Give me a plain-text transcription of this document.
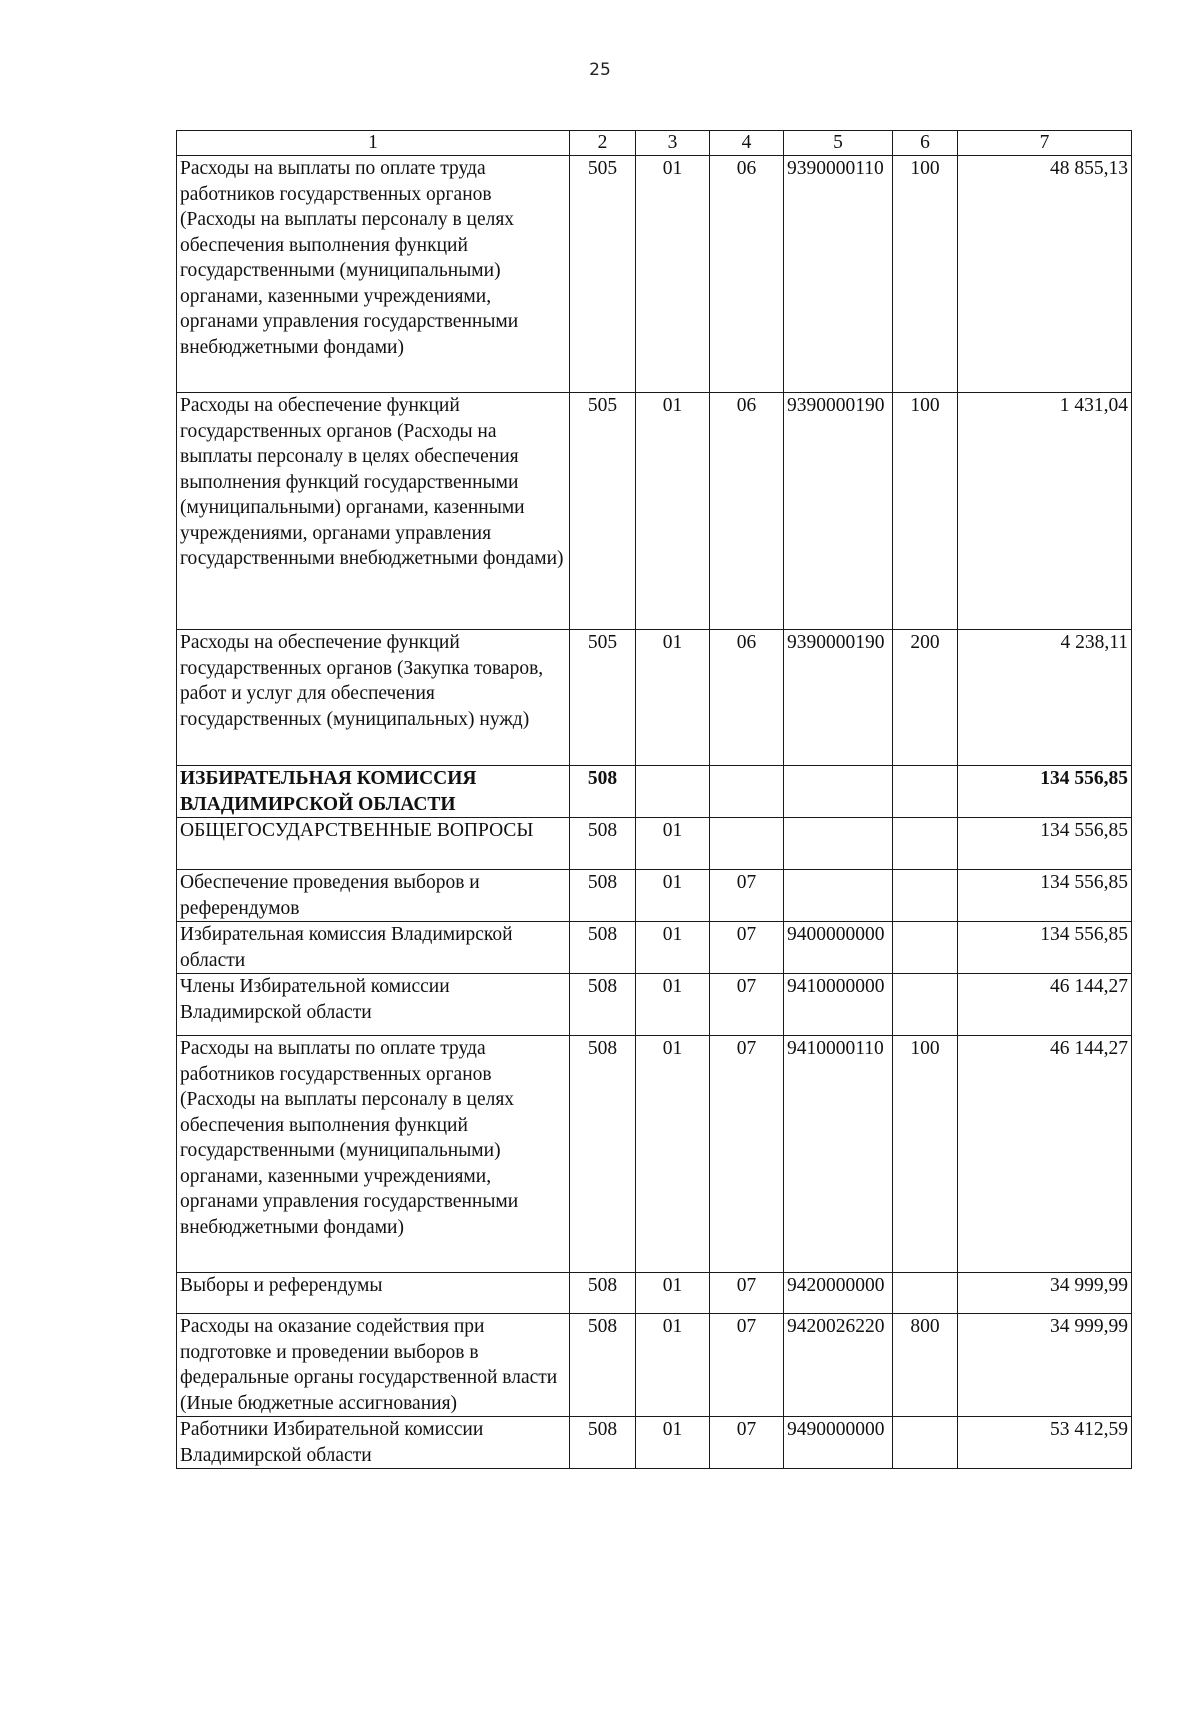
25
1	2	3	4	5	6	7
Расходы на выплаты по оплате труда работников государственных органов (Расходы на выплаты персоналу в целях обеспечения выполнения функций государственными (муниципальными) органами, казенными учреждениями, органами управления государственными внебюджетными фондами)	505	01	06	9390000110	100	48 855,13
Расходы на обеспечение функций государственных органов (Расходы на выплаты персоналу в целях обеспечения выполнения функций государственными (муниципальными) органами, казенными учреждениями, органами управления государственными внебюджетными фондами)	505	01	06	9390000190	100	1 431,04
Расходы на обеспечение функций государственных органов (Закупка товаров, работ и услуг для обеспечения государственных (муниципальных) нужд)	505	01	06	9390000190	200	4 238,11
ИЗБИРАТЕЛЬНАЯ КОМИССИЯ ВЛАДИМИРСКОЙ ОБЛАСТИ	508					134 556,85
ОБЩЕГОСУДАРСТВЕННЫЕ ВОПРОСЫ	508	01				134 556,85
Обеспечение проведения выборов и референдумов	508	01	07			134 556,85
Избирательная комиссия Владимирской области	508	01	07	9400000000		134 556,85
Члены Избирательной комиссии Владимирской области	508	01	07	9410000000		46 144,27
Расходы на выплаты по оплате труда работников государственных органов (Расходы на выплаты персоналу в целях обеспечения выполнения функций государственными (муниципальными) органами, казенными учреждениями, органами управления государственными внебюджетными фондами)	508	01	07	9410000110	100	46 144,27
Выборы и референдумы	508	01	07	9420000000		34 999,99
Расходы на оказание содействия при подготовке и проведении выборов в федеральные органы государственной власти (Иные бюджетные ассигнования)	508	01	07	9420026220	800	34 999,99
Работники Избирательной комиссии Владимирской области	508	01	07	9490000000		53 412,59
